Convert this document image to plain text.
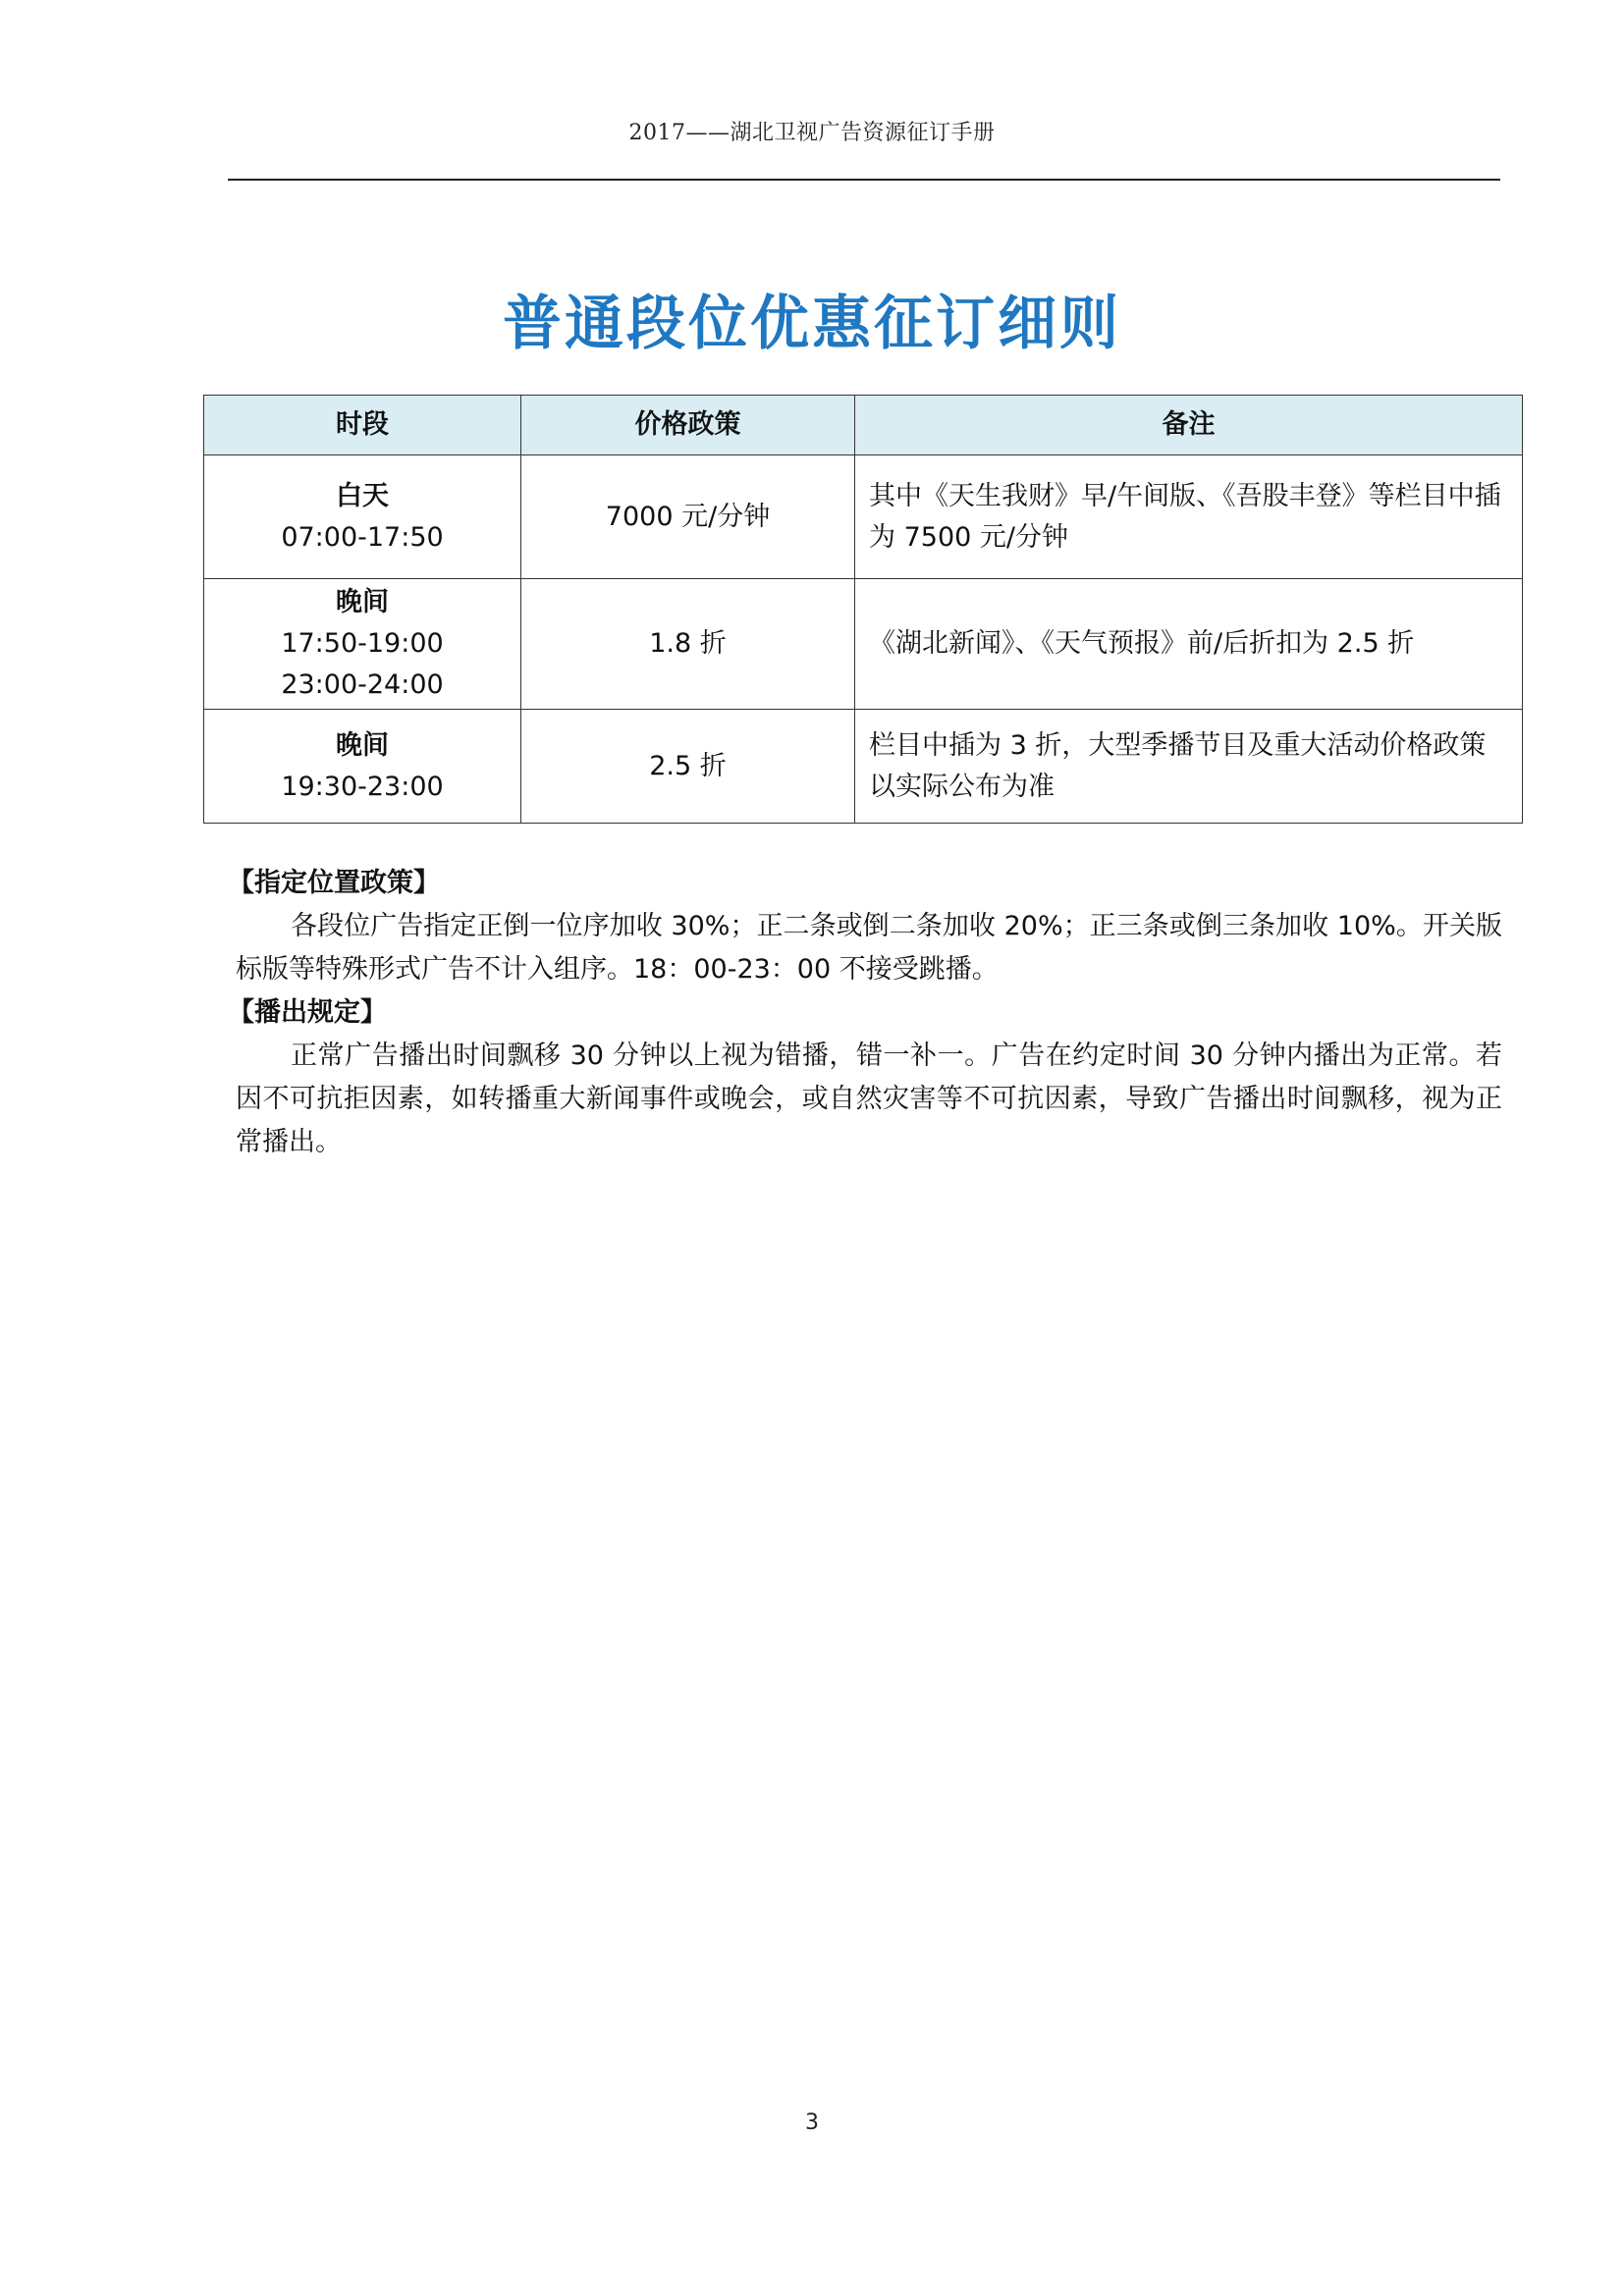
2017——湖北卫视广告资源征订手册
普通段位优惠征订细则
时段	价格政策	备注

白天
07:00-17:50	7000 元/分钟	其中《天生我财》早/午间版、《吾股丰登》等栏目中插为 7500 元/分钟

晚间
17:50-19:00
23:00-24:00	1.8 折	《湖北新闻》、《天气预报》前/后折扣为 2.5 折

晚间
19:30-23:00	2.5 折	栏目中插为 3 折，大型季播节目及重大活动价格政策以实际公布为准

【指定位置政策】

各段位广告指定正倒一位序加收 30%；正二条或倒二条加收 20%；正三条或倒三条加收 10%。开关版标版等特殊形式广告不计入组序。18：00-23：00 不接受跳播。

【播出规定】

正常广告播出时间飘移 30 分钟以上视为错播，错一补一。广告在约定时间 30 分钟内播出为正常。若因不可抗拒因素，如转播重大新闻事件或晚会，或自然灾害等不可抗因素，导致广告播出时间飘移，视为正常播出。

3
